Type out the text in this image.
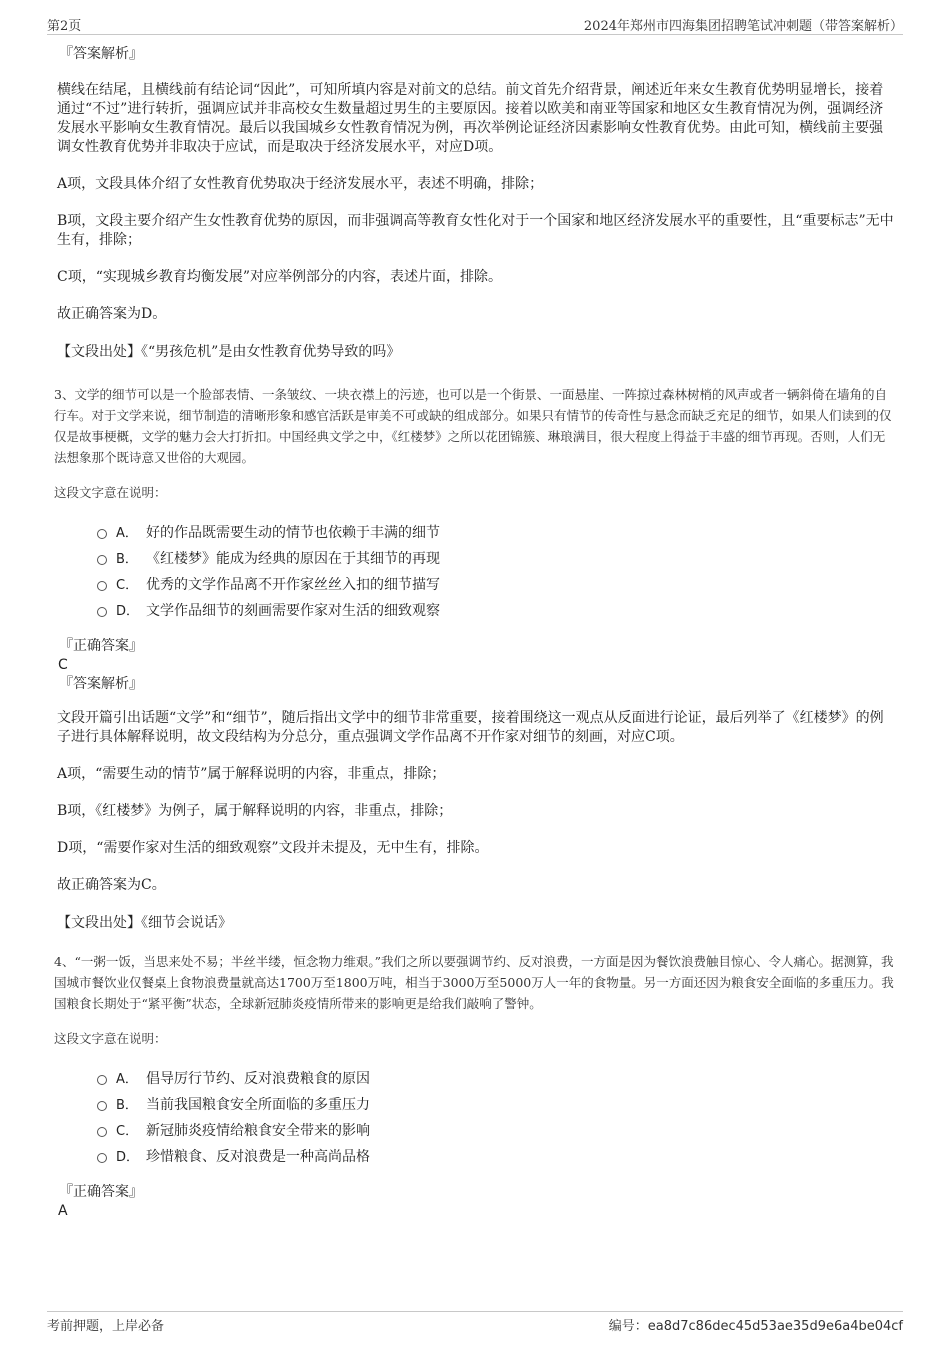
第2页	2024年郑州市四海集团招聘笔试冲刺题（带答案解析）
『答案解析』

横线在结尾，且横线前有结论词“因此”，可知所填内容是对前文的总结。前文首先介绍背景，阐述近年来女生教育优势明显增长，接着通过“不过”进行转折，强调应试并非高校女生数量超过男生的主要原因。接着以欧美和南亚等国家和地区女生教育情况为例，强调经济发展水平影响女生教育情况。最后以我国城乡女性教育情况为例，再次举例论证经济因素影响女性教育优势。由此可知，横线前主要强调女性教育优势并非取决于应试，而是取决于经济发展水平，对应D项。

A项，文段具体介绍了女性教育优势取决于经济发展水平，表述不明确，排除；

B项，文段主要介绍产生女性教育优势的原因，而非强调高等教育女性化对于一个国家和地区经济发展水平的重要性，且“重要标志”无中生有，排除；

C项，“实现城乡教育均衡发展”对应举例部分的内容，表述片面，排除。

故正确答案为D。

【文段出处】《“男孩危机”是由女性教育优势导致的吗》

3、文学的细节可以是一个脸部表情、一条皱纹、一块衣襟上的污迹，也可以是一个街景、一面悬崖、一阵掠过森林树梢的风声或者一辆斜倚在墙角的自行车。对于文学来说，细节制造的清晰形象和感官活跃是审美不可或缺的组成部分。如果只有情节的传奇性与悬念而缺乏充足的细节，如果人们读到的仅仅是故事梗概，文学的魅力会大打折扣。中国经典文学之中，《红楼梦》之所以花团锦簇、琳琅满目，很大程度上得益于丰盛的细节再现。否则，人们无法想象那个既诗意又世俗的大观园。

这段文字意在说明：

A． 好的作品既需要生动的情节也依赖于丰满的细节
B． 《红楼梦》能成为经典的原因在于其细节的再现
C． 优秀的文学作品离不开作家丝丝入扣的细节描写
D． 文学作品细节的刻画需要作家对生活的细致观察
『正确答案』
C
『答案解析』

文段开篇引出话题“文学”和“细节”，随后指出文学中的细节非常重要，接着围绕这一观点从反面进行论证，最后列举了《红楼梦》的例子进行具体解释说明，故文段结构为分总分，重点强调文学作品离不开作家对细节的刻画，对应C项。

A项，“需要生动的情节”属于解释说明的内容，非重点，排除；

B项，《红楼梦》为例子，属于解释说明的内容，非重点，排除；

D项，“需要作家对生活的细致观察”文段并未提及，无中生有，排除。

故正确答案为C。

【文段出处】《细节会说话》

4、“一粥一饭，当思来处不易；半丝半缕，恒念物力维艰。”我们之所以要强调节约、反对浪费，一方面是因为餐饮浪费触目惊心、令人痛心。据测算，我国城市餐饮业仅餐桌上食物浪费量就高达1700万至1800万吨，相当于3000万至5000万人一年的食物量。另一方面还因为粮食安全面临的多重压力。我国粮食长期处于“紧平衡”状态，全球新冠肺炎疫情所带来的影响更是给我们敲响了警钟。

这段文字意在说明：

A． 倡导厉行节约、反对浪费粮食的原因
B． 当前我国粮食安全所面临的多重压力
C． 新冠肺炎疫情给粮食安全带来的影响
D． 珍惜粮食、反对浪费是一种高尚品格
『正确答案』
A
考前押题，上岸必备	编号：ea8d7c86dec45d53ae35d9e6a4be04cf
